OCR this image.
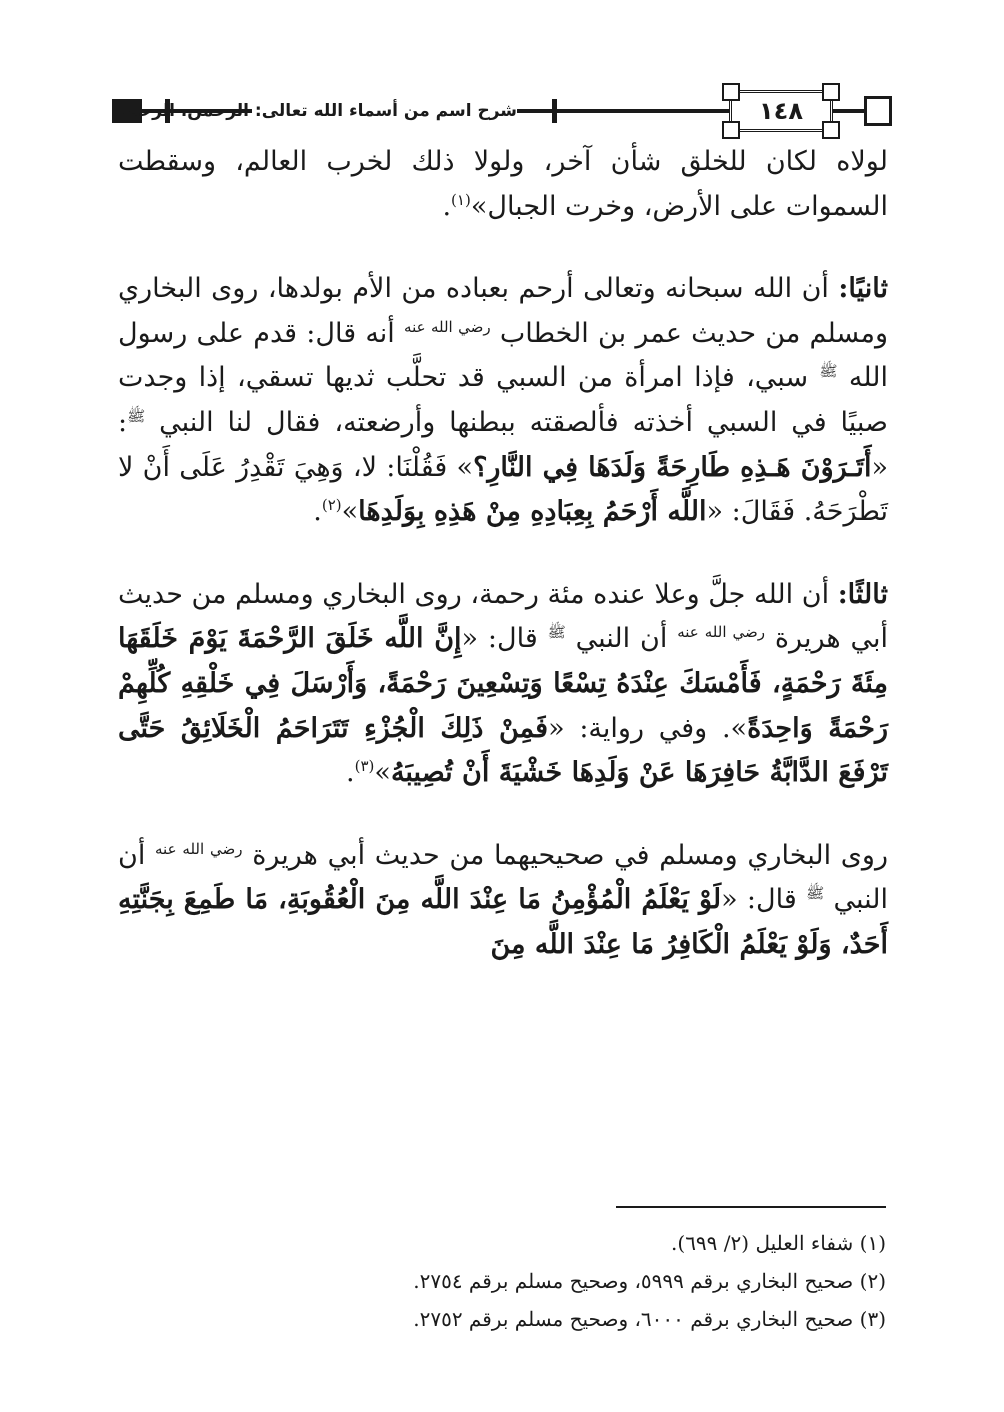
شرح اسم من أسماء الله تعالى: الرحمن، الرحيم	١٤٨

لولاه لكان للخلق شأن آخر، ولولا ذلك لخرب العالم، وسقطت السموات على الأرض، وخرت الجبال»$^{(١)}$.

ثانيًا: أن الله سبحانه وتعالى أرحم بعباده من الأم بولدها، روى البخاري ومسلم من حديث عمر بن الخطاب $^{رضي الله عنه}$ أنه قال: قدم على رسول الله $^ﷺ$ سبي، فإذا امرأة من السبي قد تحلَّب ثديها تسقي، إذا وجدت صبيًا في السبي أخذته فألصقته ببطنها وأرضعته، فقال لنا النبي $^ﷺ$: «أَتَـرَوْنَ هَـذِهِ طَارِحَةً وَلَدَهَا فِي النَّارِ؟» فَقُلْنَا: لا، وَهِيَ تَقْدِرُ عَلَى أَنْ لا تَطْرَحَهُ. فَقَالَ: «اللَّه أَرْحَمُ بِعِبَادِهِ مِنْ هَذِهِ بِوَلَدِهَا»$^{(٢)}$.

ثالثًا: أن الله جلَّ وعلا عنده مئة رحمة، روى البخاري ومسلم من حديث أبي هريرة $^{رضي الله عنه}$ أن النبي $^ﷺ$ قال: «إِنَّ اللَّه خَلَقَ الرَّحْمَةَ يَوْمَ خَلَقَهَا مِئَةَ رَحْمَةٍ، فَأَمْسَكَ عِنْدَهُ تِسْعًا وَتِسْعِينَ رَحْمَةً، وَأَرْسَلَ فِي خَلْقِهِ كُلِّهِمْ رَحْمَةً وَاحِدَةً». وفي رواية: «فَمِنْ ذَلِكَ الْجُزْءِ تَتَرَاحَمُ الْخَلَائِقُ حَتَّى تَرْفَعَ الدَّابَّةُ حَافِرَهَا عَنْ وَلَدِهَا خَشْيَةَ أَنْ تُصِيبَهُ»$^{(٣)}$.

روى البخاري ومسلم في صحيحيهما من حديث أبي هريرة $^{رضي الله عنه}$ أن النبي $^ﷺ$ قال: «لَوْ يَعْلَمُ الْمُؤْمِنُ مَا عِنْدَ اللَّه مِنَ الْعُقُوبَةِ، مَا طَمِعَ بِجَنَّتِهِ أَحَدٌ، وَلَوْ يَعْلَمُ الْكَافِرُ مَا عِنْدَ اللَّه مِنَ

(١) شفاء العليل (٢/ ٦٩٩).
(٢) صحيح البخاري برقم ٥٩٩٩، وصحيح مسلم برقم ٢٧٥٤.
(٣) صحيح البخاري برقم ٦٠٠٠، وصحيح مسلم برقم ٢٧٥٢.
